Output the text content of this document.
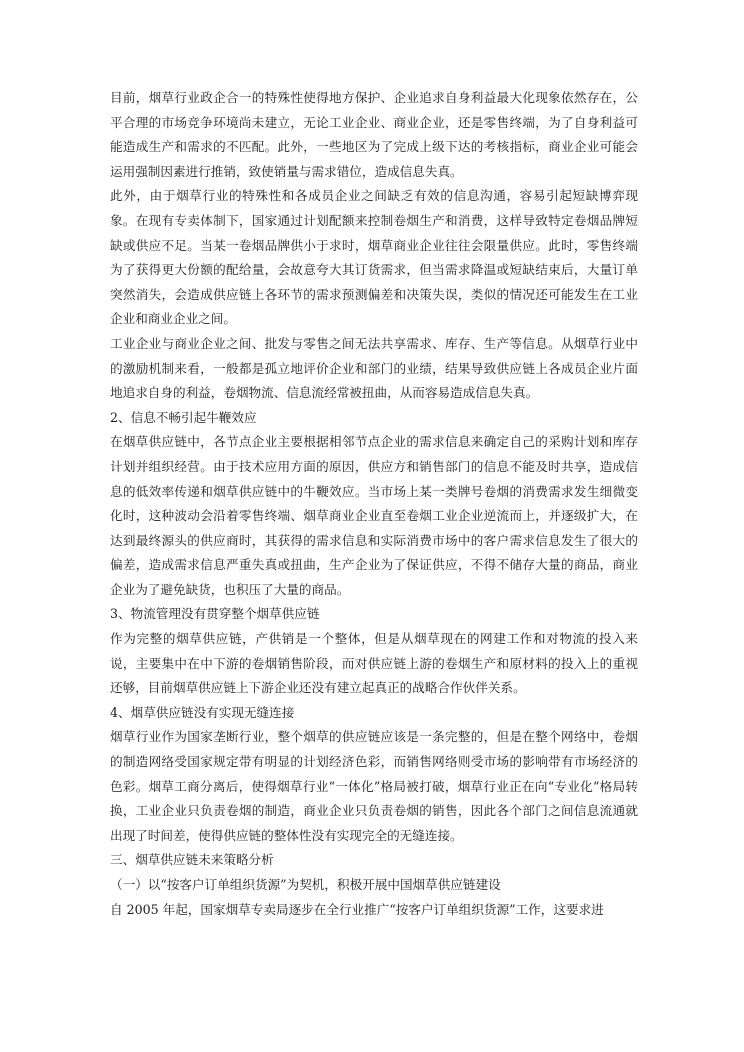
目前，烟草行业政企合一的特殊性使得地方保护、企业追求自身利益最大化现象依然存在，公平合理的市场竞争环境尚未建立，无论工业企业、商业企业，还是零售终端，为了自身利益可能造成生产和需求的不匹配。此外，一些地区为了完成上级下达的考核指标，商业企业可能会运用强制因素进行推销，致使销量与需求错位，造成信息失真。

此外，由于烟草行业的特殊性和各成员企业之间缺乏有效的信息沟通，容易引起短缺博弈现象。在现有专卖体制下，国家通过计划配额来控制卷烟生产和消费，这样导致特定卷烟品牌短缺或供应不足。当某一卷烟品牌供小于求时，烟草商业企业往往会限量供应。此时，零售终端为了获得更大份额的配给量，会故意夸大其订货需求，但当需求降温或短缺结束后，大量订单突然消失，会造成供应链上各环节的需求预测偏差和决策失误，类似的情况还可能发生在工业企业和商业企业之间。

工业企业与商业企业之间、批发与零售之间无法共享需求、库存、生产等信息。从烟草行业中的激励机制来看，一般都是孤立地评价企业和部门的业绩，结果导致供应链上各成员企业片面地追求自身的利益，卷烟物流、信息流经常被扭曲，从而容易造成信息失真。

2、信息不畅引起牛鞭效应

在烟草供应链中，各节点企业主要根据相邻节点企业的需求信息来确定自己的采购计划和库存计划并组织经营。由于技术应用方面的原因，供应方和销售部门的信息不能及时共享，造成信息的低效率传递和烟草供应链中的牛鞭效应。当市场上某一类牌号卷烟的消费需求发生细微变化时，这种波动会沿着零售终端、烟草商业企业直至卷烟工业企业逆流而上，并逐级扩大，在达到最终源头的供应商时，其获得的需求信息和实际消费市场中的客户需求信息发生了很大的偏差，造成需求信息严重失真或扭曲，生产企业为了保证供应，不得不储存大量的商品，商业企业为了避免缺货，也积压了大量的商品。

3、物流管理没有贯穿整个烟草供应链

作为完整的烟草供应链，产供销是一个整体，但是从烟草现在的网建工作和对物流的投入来说，主要集中在中下游的卷烟销售阶段，而对供应链上游的卷烟生产和原材料的投入上的重视还够，目前烟草供应链上下游企业还没有建立起真正的战略合作伙伴关系。

4、烟草供应链没有实现无缝连接

烟草行业作为国家垄断行业，整个烟草的供应链应该是一条完整的，但是在整个网络中，卷烟的制造网络受国家规定带有明显的计划经济色彩，而销售网络则受市场的影响带有市场经济的色彩。烟草工商分离后，使得烟草行业“一体化”格局被打破，烟草行业正在向“专业化”格局转换，工业企业只负责卷烟的制造，商业企业只负责卷烟的销售，因此各个部门之间信息流通就出现了时间差，使得供应链的整体性没有实现完全的无缝连接。

三、烟草供应链未来策略分析

（一）以“按客户订单组织货源”为契机，积极开展中国烟草供应链建设

自 2005 年起，国家烟草专卖局逐步在全行业推广“按客户订单组织货源”工作，这要求进
